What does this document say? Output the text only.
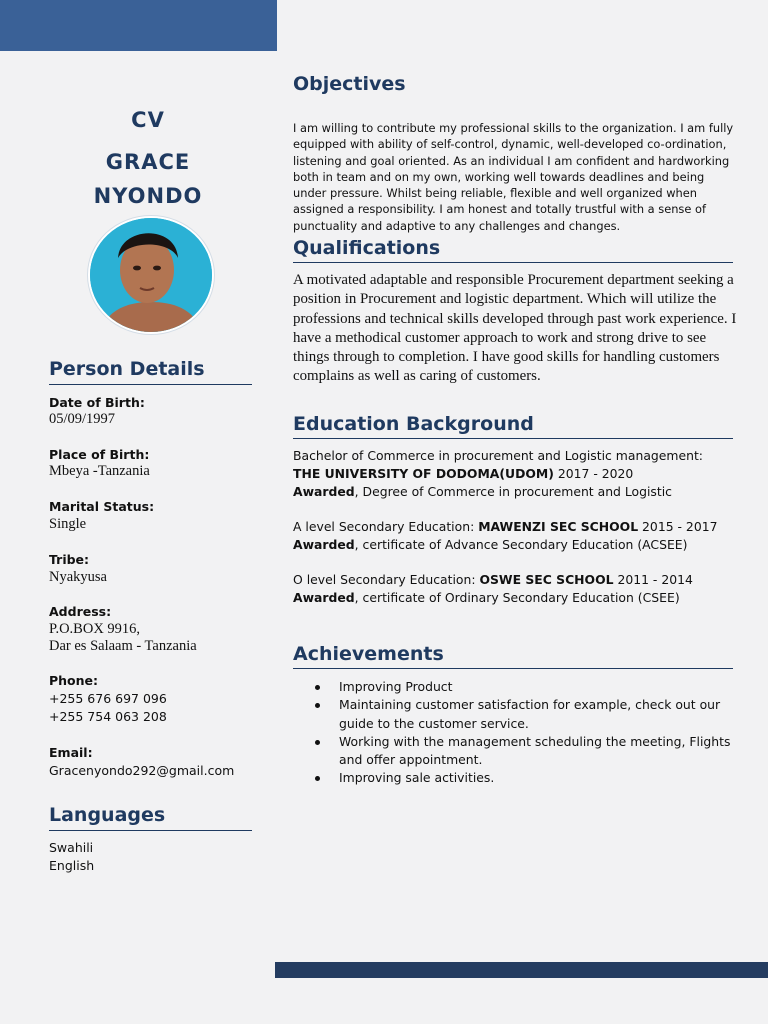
CV
GRACE
NYONDO
Person Details
Date of Birth:
05/09/1997
Place of Birth:
Mbeya -Tanzania
Marital Status:
Single
Tribe:
Nyakyusa
Address:
P.O.BOX 9916,
Dar es Salaam - Tanzania
Phone:
+255 676 697 096
+255 754 063 208
Email:
Gracenyondo292@gmail.com
Languages
Swahili
English
Objectives
I am willing to contribute my professional skills to the organization. I am fully equipped with ability of self-control, dynamic, well-developed co-ordination, listening and goal oriented. As an individual I am confident and hardworking both in team and on my own, working well towards deadlines and being under pressure. Whilst being reliable, flexible and well organized when assigned a responsibility. I am honest and totally trustful with a sense of punctuality and adaptive to any challenges and changes.
Qualifications
A motivated adaptable and responsible Procurement department seeking a position in Procurement and logistic department. Which will utilize the professions and technical skills developed through past work experience. I have a methodical customer approach to work and strong drive to see things through to completion. I have good skills for handling customers complains as well as caring of customers.
Education Background
Bachelor of Commerce in procurement and Logistic management:
THE UNIVERSITY OF DODOMA(UDOM) 2017 - 2020
Awarded, Degree of Commerce in procurement and Logistic
A level Secondary Education: MAWENZI SEC SCHOOL 2015 - 2017
Awarded, certificate of Advance Secondary Education (ACSEE)
O level Secondary Education: OSWE SEC SCHOOL 2011 - 2014
Awarded, certificate of Ordinary Secondary Education (CSEE)
Achievements
Improving Product
Maintaining customer satisfaction for example, check out our guide to the customer service.
Working with the management scheduling the meeting, Flights and offer appointment.
Improving sale activities.
